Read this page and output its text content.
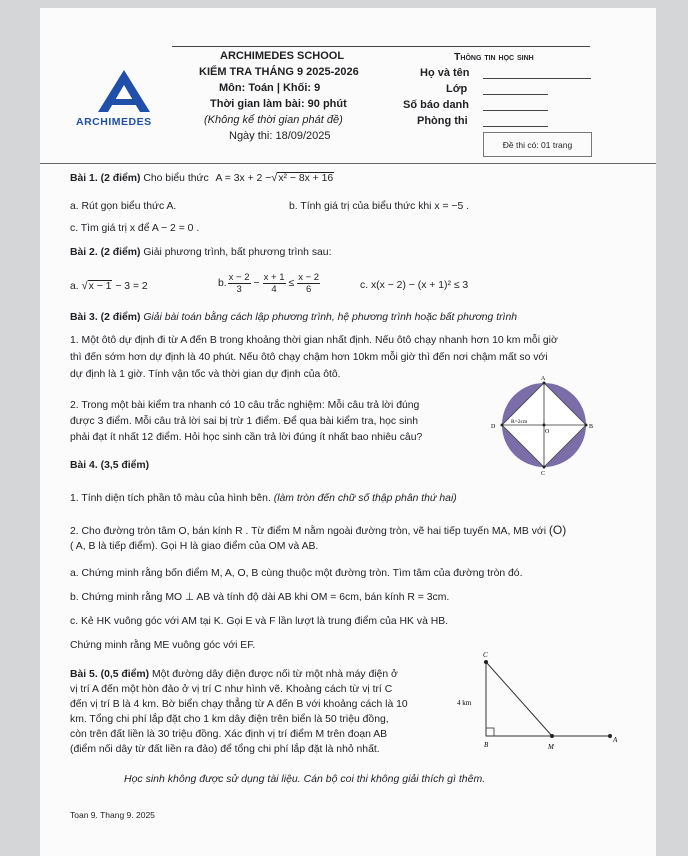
ARCHIMEDES
ARCHIMEDES SCHOOL
KIỂM TRA THÁNG 9 2025-2026
Môn: Toán | Khối: 9
Thời gian làm bài: 90 phút
(Không kể thời gian phát đề)
Ngày thi: 18/09/2025
Thông tin học sinh
Họ và tên
Lớp
Số báo danh
Phòng thi
Đề thi có: 01 trang
Bài 1. (2 điểm) Cho biểu thức A = 3x + 2 −√x² − 8x + 16
a. Rút gọn biểu thức A.	b. Tính giá trị của biểu thức khi x = −5 .
c. Tìm giá trị x để A − 2 = 0 .
Bài 2. (2 điểm) Giải phương trình, bất phương trình sau:
a. √x − 1 − 3 = 2	b. $\frac{x - 2}{3} - \frac{x + 1}{4} \le \frac{x - 2}{6}$	c. x(x − 2) − (x + 1)² ≤ 3
Bài 3. (2 điểm) Giải bài toán bằng cách lập phương trình, hệ phương trình hoặc bất phương trình
1. Một ôtô dự định đi từ A đến B trong khoảng thời gian nhất định. Nếu ôtô chạy nhanh hơn 10 km mỗi giờ
thì đến sớm hơn dự định là 40 phút. Nếu ôtô chạy chậm hơn 10km mỗi giờ thì đến nơi chậm mất so với
dự định là 1 giờ. Tính vận tốc và thời gian dự định của ôtô.
2. Trong một bài kiểm tra nhanh có 10 câu trắc nghiệm: Mỗi câu trả lời đúng
được 3 điểm. Mỗi câu trả lời sai bị trừ 1 điểm. Để qua bài kiểm tra, học sinh
phải đạt ít nhất 12 điểm. Hỏi học sinh cần trả lời đúng ít nhất bao nhiêu câu?
A
C
D	B
O
R=2cm
Bài 4. (3,5 điểm)
1. Tính diện tích phần tô màu của hình bên. (làm tròn đến chữ số thập phân thứ hai)
2. Cho đường tròn tâm O, bán kính R . Từ điểm M nằm ngoài đường tròn, vẽ hai tiếp tuyến MA, MB với (O)
( A, B là tiếp điểm). Gọi H là giao điểm của OM và AB.
a. Chứng minh rằng bốn điểm M, A, O, B cùng thuộc một đường tròn. Tìm tâm của đường tròn đó.
b. Chứng minh rằng MO ⊥ AB và tính độ dài AB khi OM = 6cm, bán kính R = 3cm.
c. Kẻ HK vuông góc với AM tại K. Gọi E và F lần lượt là trung điểm của HK và HB.
Chứng minh rằng ME vuông góc với EF.
Bài 5. (0,5 điểm) Một đường dây điện được nối từ một nhà máy điện ở
vị trí A đến một hòn đảo ở vị trí C như hình vẽ. Khoảng cách từ vị trí C
đến vị trí B là 4 km. Bờ biển chạy thẳng từ A đến B với khoảng cách là 10
km. Tổng chi phí lắp đặt cho 1 km dây điện trên biển là 50 triệu đồng,
còn trên đất liền là 30 triệu đồng. Xác định vị trí điểm M trên đoạn AB
(điểm nối dây từ đất liền ra đảo) để tổng chi phí lắp đặt là nhỏ nhất.
C
4 km
B	M
A
Học sinh không được sử dụng tài liệu. Cán bộ coi thi không giải thích gì thêm.
Toan 9. Thang 9. 2025
